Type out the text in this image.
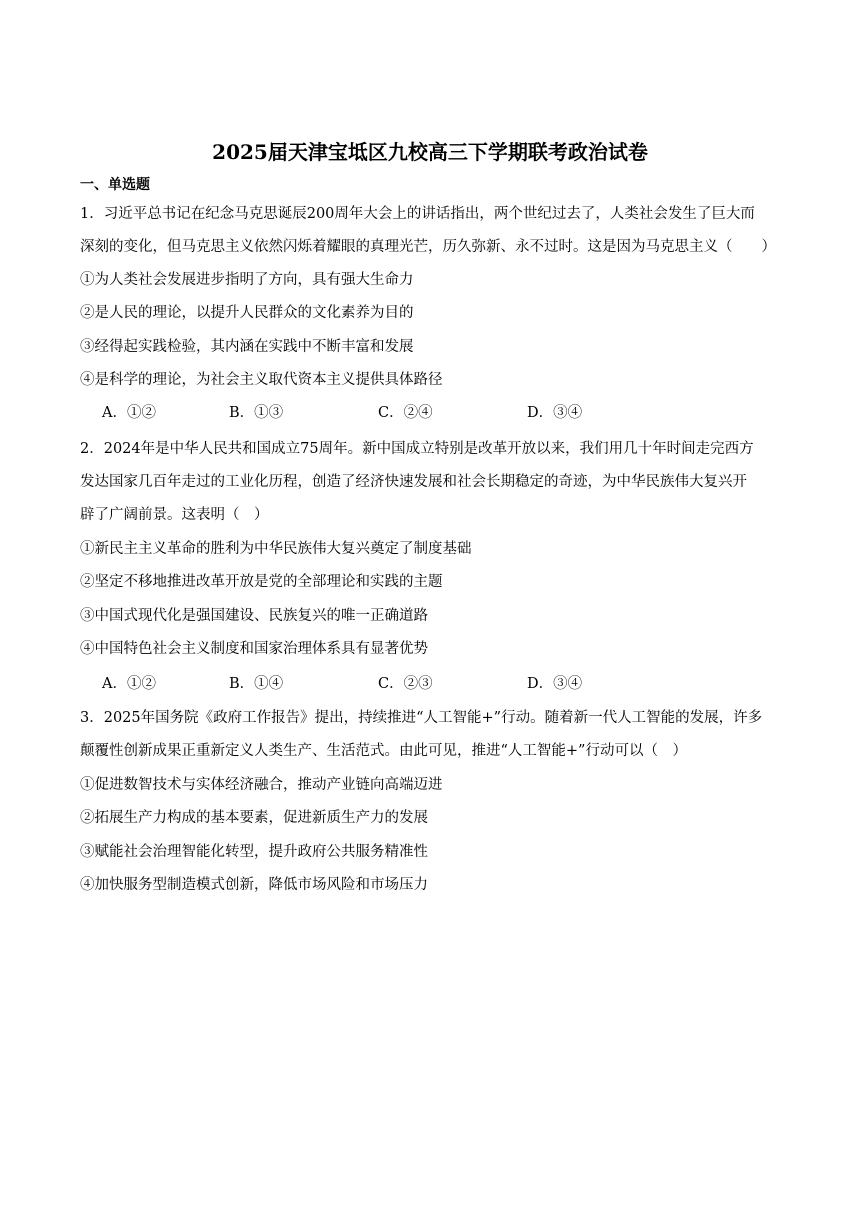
2025届天津宝坻区九校高三下学期联考政治试卷
一、单选题
1．习近平总书记在纪念马克思诞辰200周年大会上的讲话指出，两个世纪过去了，人类社会发生了巨大而
深刻的变化，但马克思主义依然闪烁着耀眼的真理光芒，历久弥新、永不过时。这是因为马克思主义（　　）
①为人类社会发展进步指明了方向，具有强大生命力
②是人民的理论，以提升人民群众的文化素养为目的
③经得起实践检验，其内涵在实践中不断丰富和发展
④是科学的理论，为社会主义取代资本主义提供具体路径
A．①②	B．①③	C．②④	D．③④
2．2024年是中华人民共和国成立75周年。新中国成立特别是改革开放以来，我们用几十年时间走完西方
发达国家几百年走过的工业化历程，创造了经济快速发展和社会长期稳定的奇迹，为中华民族伟大复兴开
辟了广阔前景。这表明（　）
①新民主主义革命的胜利为中华民族伟大复兴奠定了制度基础
②坚定不移地推进改革开放是党的全部理论和实践的主题
③中国式现代化是强国建设、民族复兴的唯一正确道路
④中国特色社会主义制度和国家治理体系具有显著优势
A．①②	B．①④	C．②③	D．③④
3．2025年国务院《政府工作报告》提出，持续推进“人工智能+”行动。随着新一代人工智能的发展，许多
颠覆性创新成果正重新定义人类生产、生活范式。由此可见，推进“人工智能+”行动可以（　）
①促进数智技术与实体经济融合，推动产业链向高端迈进
②拓展生产力构成的基本要素，促进新质生产力的发展
③赋能社会治理智能化转型，提升政府公共服务精准性
④加快服务型制造模式创新，降低市场风险和市场压力
